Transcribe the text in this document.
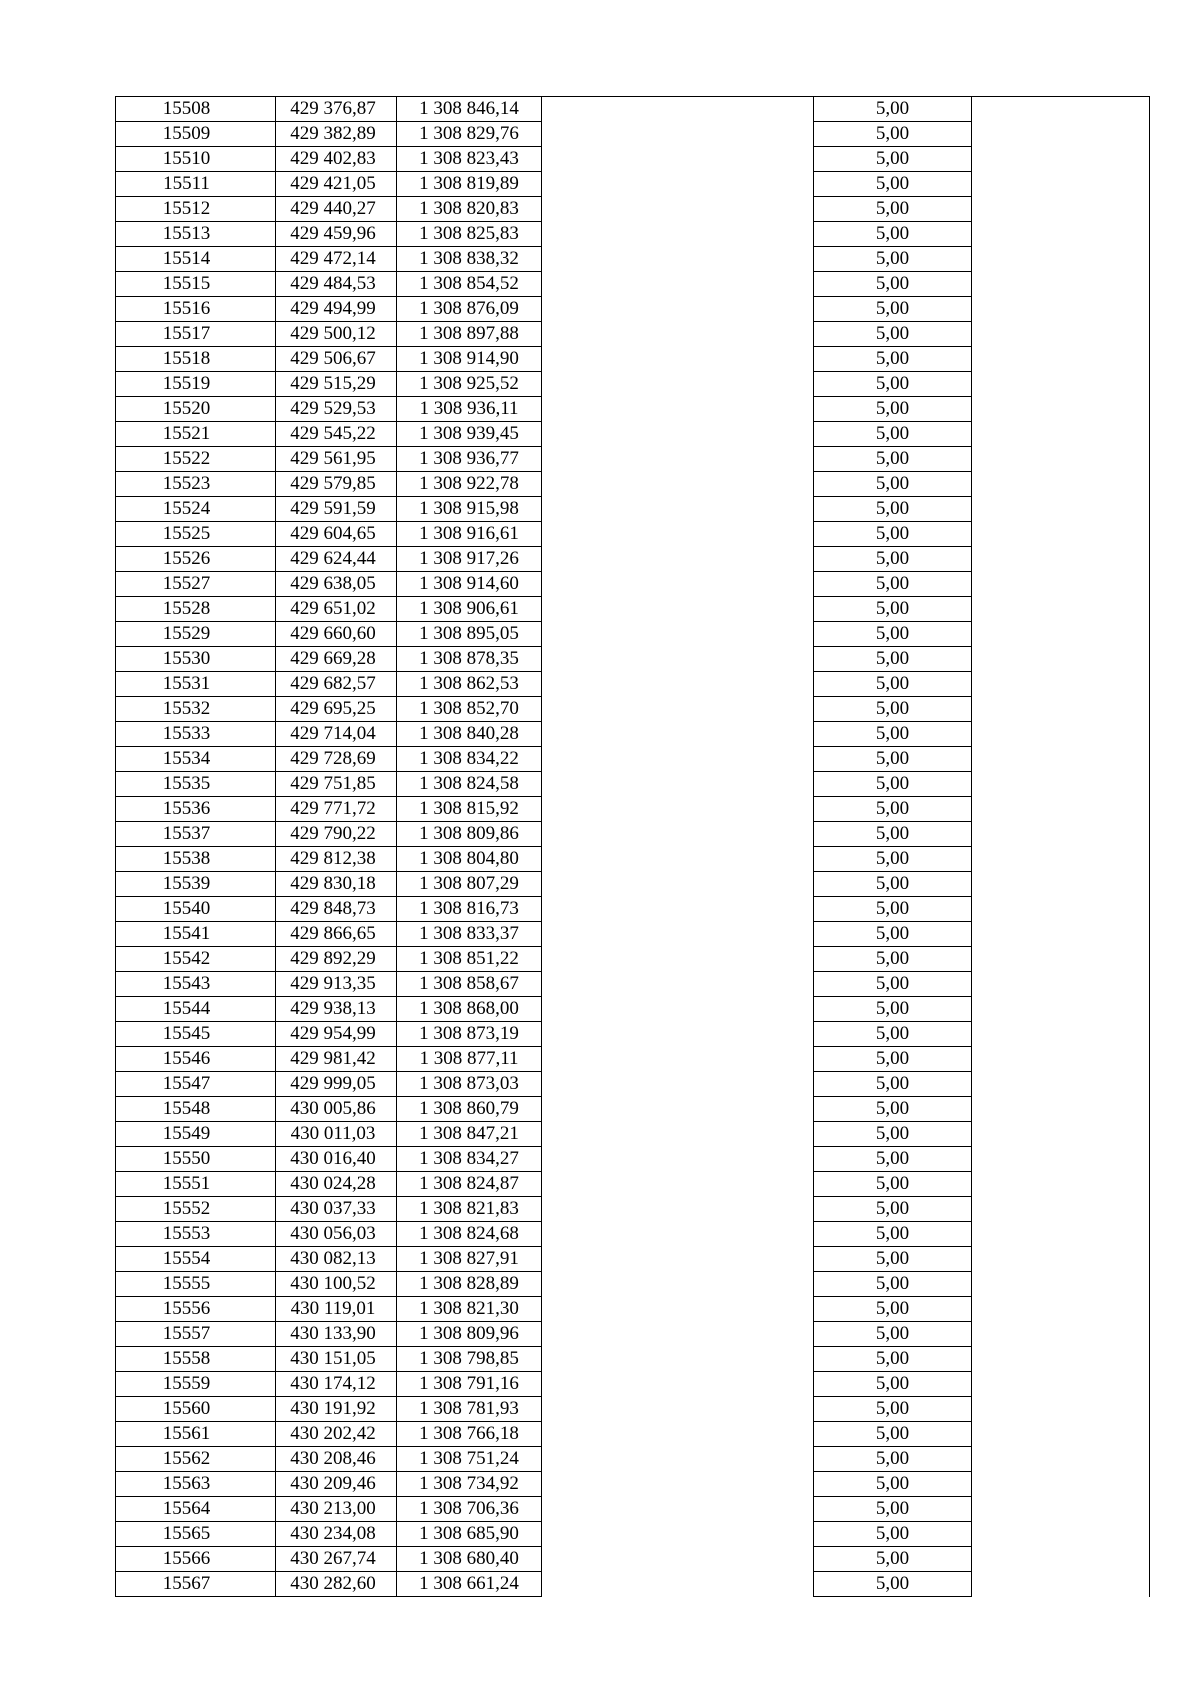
15508	429 376,87	1 308 846,14		5,00	
15509	429 382,89	1 308 829,76		5,00	
15510	429 402,83	1 308 823,43		5,00	
15511	429 421,05	1 308 819,89		5,00	
15512	429 440,27	1 308 820,83		5,00	
15513	429 459,96	1 308 825,83		5,00	
15514	429 472,14	1 308 838,32		5,00	
15515	429 484,53	1 308 854,52		5,00	
15516	429 494,99	1 308 876,09		5,00	
15517	429 500,12	1 308 897,88		5,00	
15518	429 506,67	1 308 914,90		5,00	
15519	429 515,29	1 308 925,52		5,00	
15520	429 529,53	1 308 936,11		5,00	
15521	429 545,22	1 308 939,45		5,00	
15522	429 561,95	1 308 936,77		5,00	
15523	429 579,85	1 308 922,78		5,00	
15524	429 591,59	1 308 915,98		5,00	
15525	429 604,65	1 308 916,61		5,00	
15526	429 624,44	1 308 917,26		5,00	
15527	429 638,05	1 308 914,60		5,00	
15528	429 651,02	1 308 906,61		5,00	
15529	429 660,60	1 308 895,05		5,00	
15530	429 669,28	1 308 878,35		5,00	
15531	429 682,57	1 308 862,53		5,00	
15532	429 695,25	1 308 852,70		5,00	
15533	429 714,04	1 308 840,28		5,00	
15534	429 728,69	1 308 834,22		5,00	
15535	429 751,85	1 308 824,58		5,00	
15536	429 771,72	1 308 815,92		5,00	
15537	429 790,22	1 308 809,86		5,00	
15538	429 812,38	1 308 804,80		5,00	
15539	429 830,18	1 308 807,29		5,00	
15540	429 848,73	1 308 816,73		5,00	
15541	429 866,65	1 308 833,37		5,00	
15542	429 892,29	1 308 851,22		5,00	
15543	429 913,35	1 308 858,67		5,00	
15544	429 938,13	1 308 868,00		5,00	
15545	429 954,99	1 308 873,19		5,00	
15546	429 981,42	1 308 877,11		5,00	
15547	429 999,05	1 308 873,03		5,00	
15548	430 005,86	1 308 860,79		5,00	
15549	430 011,03	1 308 847,21		5,00	
15550	430 016,40	1 308 834,27		5,00	
15551	430 024,28	1 308 824,87		5,00	
15552	430 037,33	1 308 821,83		5,00	
15553	430 056,03	1 308 824,68		5,00	
15554	430 082,13	1 308 827,91		5,00	
15555	430 100,52	1 308 828,89		5,00	
15556	430 119,01	1 308 821,30		5,00	
15557	430 133,90	1 308 809,96		5,00	
15558	430 151,05	1 308 798,85		5,00	
15559	430 174,12	1 308 791,16		5,00	
15560	430 191,92	1 308 781,93		5,00	
15561	430 202,42	1 308 766,18		5,00	
15562	430 208,46	1 308 751,24		5,00	
15563	430 209,46	1 308 734,92		5,00	
15564	430 213,00	1 308 706,36		5,00	
15565	430 234,08	1 308 685,90		5,00	
15566	430 267,74	1 308 680,40		5,00	
15567	430 282,60	1 308 661,24		5,00	
